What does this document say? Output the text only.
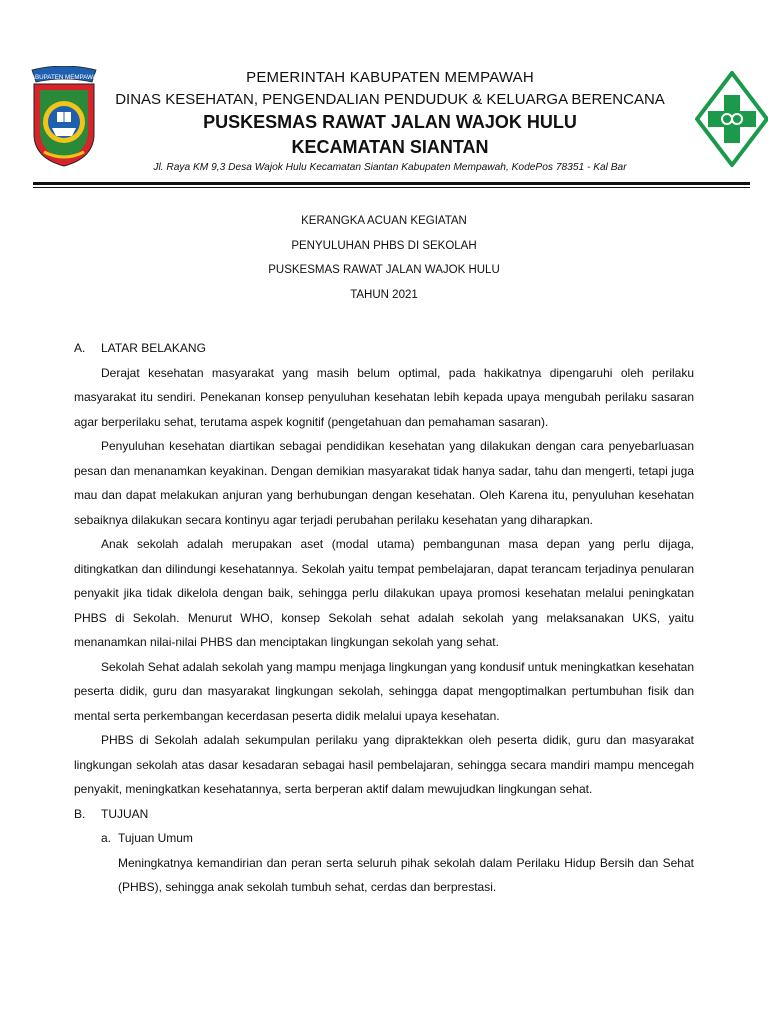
KABUPATEN MEMPAWAH	PEMERINTAH KABUPATEN MEMPAWAH
DINAS KESEHATAN, PENGENDALIAN PENDUDUK & KELUARGA BERENCANA
PUSKESMAS RAWAT JALAN WAJOK HULU
KECAMATAN SIANTAN
Jl. Raya KM 9,3 Desa Wajok Hulu Kecamatan Siantan Kabupaten Mempawah, KodePos 78351 - Kal Bar
KERANGKA ACUAN KEGIATAN
PENYULUHAN PHBS DI SEKOLAH
PUSKESMAS RAWAT JALAN WAJOK HULU
TAHUN 2021
A.	LATAR BELAKANG

Derajat kesehatan masyarakat yang masih belum optimal, pada hakikatnya dipengaruhi oleh perilaku masyarakat itu sendiri. Penekanan konsep penyuluhan kesehatan lebih kepada upaya mengubah perilaku sasaran agar berperilaku sehat, terutama aspek kognitif (pengetahuan dan pemahaman sasaran).

Penyuluhan kesehatan diartikan sebagai pendidikan kesehatan yang dilakukan dengan cara penyebarluasan pesan dan menanamkan keyakinan. Dengan demikian masyarakat tidak hanya sadar, tahu dan mengerti, tetapi juga mau dan dapat melakukan anjuran yang berhubungan dengan kesehatan. Oleh Karena itu, penyuluhan kesehatan sebaiknya dilakukan secara kontinyu agar terjadi perubahan perilaku kesehatan yang diharapkan.

Anak sekolah adalah merupakan aset (modal utama) pembangunan masa depan yang perlu dijaga, ditingkatkan dan dilindungi kesehatannya. Sekolah yaitu tempat pembelajaran, dapat terancam terjadinya penularan penyakit jika tidak dikelola dengan baik, sehingga perlu dilakukan upaya promosi kesehatan melalui peningkatan PHBS di Sekolah. Menurut WHO, konsep Sekolah sehat adalah sekolah yang melaksanakan UKS, yaitu menanamkan nilai-nilai PHBS dan menciptakan lingkungan sekolah yang sehat.

Sekolah Sehat adalah sekolah yang mampu menjaga lingkungan yang kondusif untuk meningkatkan kesehatan peserta didik, guru dan masyarakat lingkungan sekolah, sehingga dapat mengoptimalkan pertumbuhan fisik dan mental serta perkembangan kecerdasan peserta didik melalui upaya kesehatan.

PHBS di Sekolah adalah sekumpulan perilaku yang dipraktekkan oleh peserta didik, guru dan masyarakat lingkungan sekolah atas dasar kesadaran sebagai hasil pembelajaran, sehingga secara mandiri mampu mencegah penyakit, meningkatkan kesehatannya, serta berperan aktif dalam mewujudkan lingkungan sehat.

B.	TUJUAN
a. Tujuan Umum

Meningkatnya kemandirian dan peran serta seluruh pihak sekolah dalam Perilaku Hidup Bersih dan Sehat (PHBS), sehingga anak sekolah tumbuh sehat, cerdas dan berprestasi.
